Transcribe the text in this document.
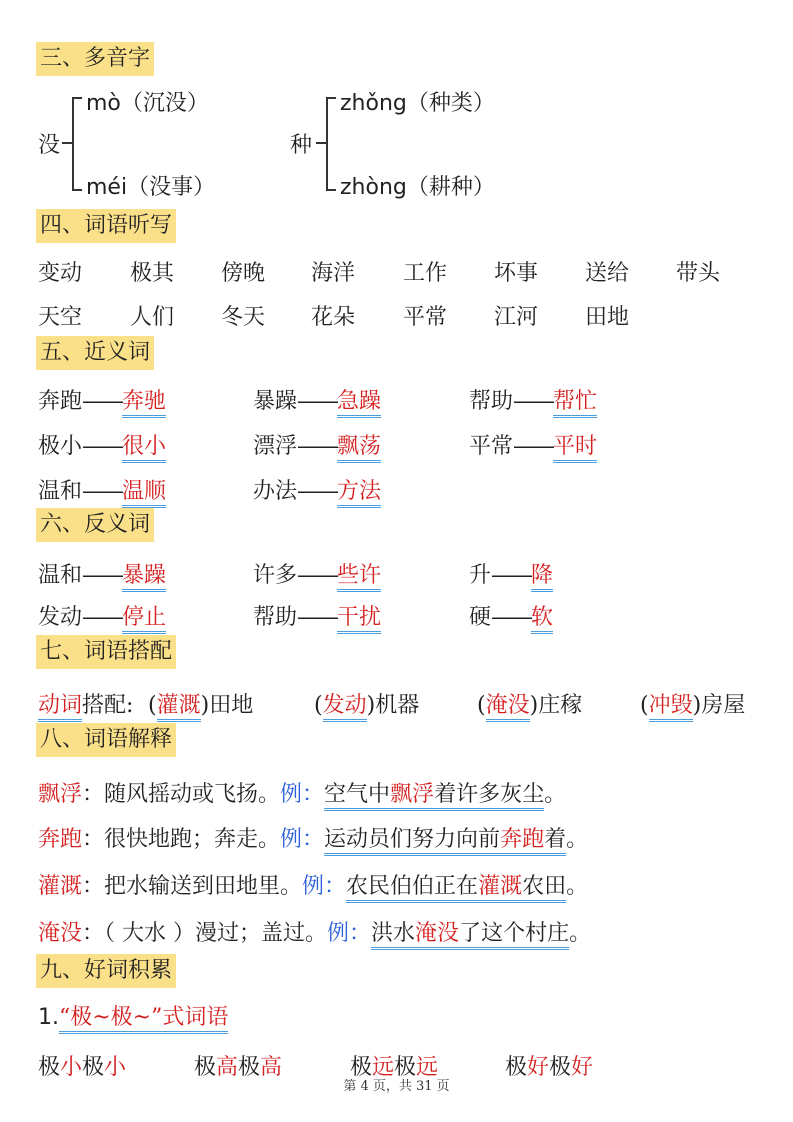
三、多音字
没
mò（沉没）
méi（没事）
种
zhǒng（种类）
zhòng（耕种）
四、词语听写
变动 极其 傍晚 海洋 工作 坏事 送给 带头
天空 人们 冬天 花朵 平常 江河 田地
五、近义词
奔跑——奔驰	暴躁——急躁	帮助——帮忙
极小——很小	漂浮——飘荡	平常——平时
温和——温顺	办法——方法
六、反义词
温和——暴躁	许多——些许	升——降
发动——停止	帮助——干扰	硬——软
七、词语搭配
动词搭配: (灌溉)田地	(发动)机器	(淹没)庄稼	(冲毁)房屋
八、词语解释
飘浮：随风摇动或飞扬。例：空气中飘浮着许多灰尘。
奔跑：很快地跑；奔走。例：运动员们努力向前奔跑着。
灌溉：把水输送到田地里。例：农民伯伯正在灌溉农田。
淹没：（ 大水 ）漫过；盖过。例：洪水淹没了这个村庄。
九、好词积累
1.“极~极~”式词语
极小极小	极高极高	极远极远	极好极好
第 4 页，共 31 页
